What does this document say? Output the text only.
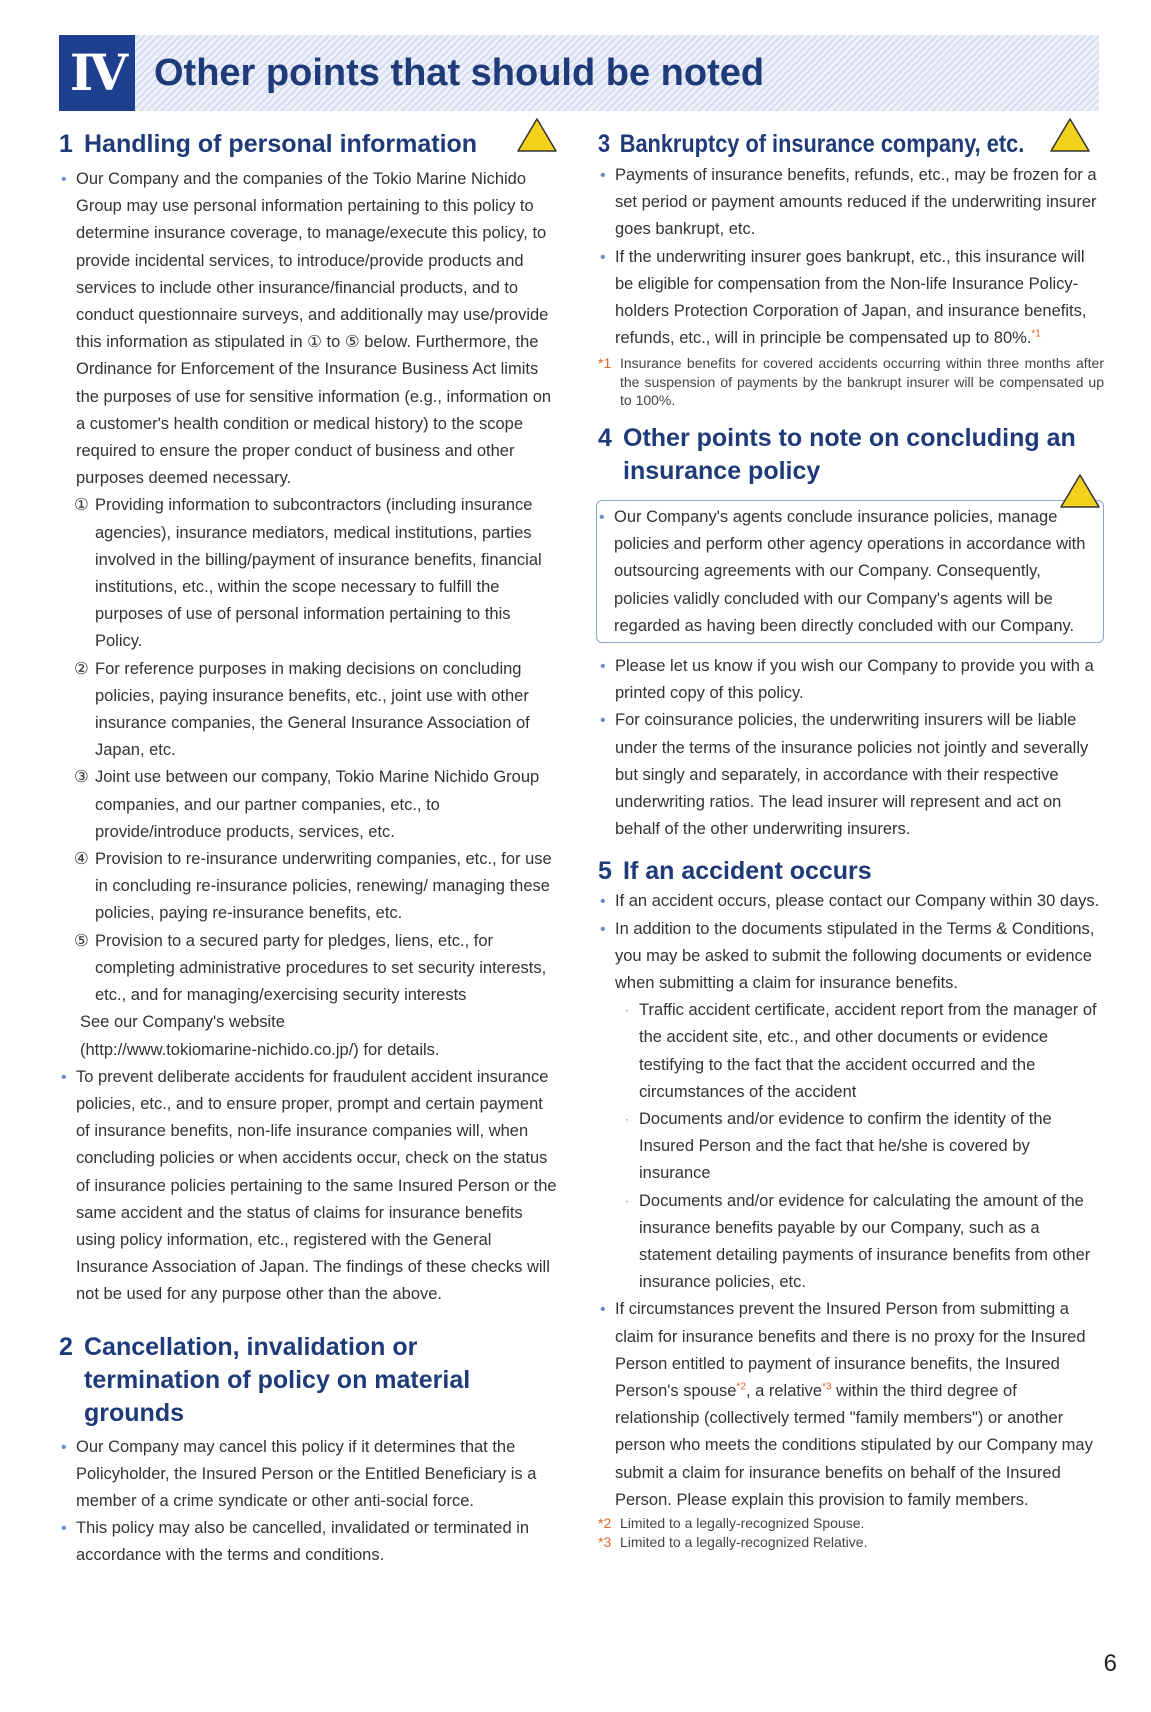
IV Other points that should be noted
1 Handling of personal information
• Our Company and the companies of the Tokio Marine Nichido Group may use personal information pertaining to this policy to determine insurance coverage, to manage/execute this policy, to provide incidental services, to introduce/provide products and services to include other insurance/financial products, and to conduct questionnaire surveys, and additionally may use/provide this information as stipulated in ① to ⑤ below. Furthermore, the Ordinance for Enforcement of the Insurance Business Act limits the purposes of use for sensitive information (e.g., information on a customer's health condition or medical history) to the scope required to ensure the proper conduct of business and other purposes deemed necessary.
① Providing information to subcontractors (including insurance agencies), insurance mediators, medical institutions, parties involved in the billing/payment of insurance benefits, financial institutions, etc., within the scope necessary to fulfill the purposes of use of personal information pertaining to this Policy.
② For reference purposes in making decisions on concluding policies, paying insurance benefits, etc., joint use with other insurance companies, the General Insurance Association of Japan, etc.
③ Joint use between our company, Tokio Marine Nichido Group companies, and our partner companies, etc., to provide/introduce products, services, etc.
④ Provision to re-insurance underwriting companies, etc., for use in concluding re-insurance policies, renewing/ managing these policies, paying re-insurance benefits, etc.
⑤ Provision to a secured party for pledges, liens, etc., for completing administrative procedures to set security interests, etc., and for managing/exercising security interests
See our Company's website
(http://www.tokiomarine-nichido.co.jp/) for details.
• To prevent deliberate accidents for fraudulent accident insurance policies, etc., and to ensure proper, prompt and certain payment of insurance benefits, non-life insurance companies will, when concluding policies or when accidents occur, check on the status of insurance policies pertaining to the same Insured Person or the same accident and the status of claims for insurance benefits using policy information, etc., registered with the General Insurance Association of Japan. The findings of these checks will not be used for any purpose other than the above.
2 Cancellation, invalidation or termination of policy on material grounds
• Our Company may cancel this policy if it determines that the Policyholder, the Insured Person or the Entitled Beneficiary is a member of a crime syndicate or other anti-social force.
• This policy may also be cancelled, invalidated or terminated in accordance with the terms and conditions.
3 Bankruptcy of insurance company, etc.
• Payments of insurance benefits, refunds, etc., may be frozen for a set period or payment amounts reduced if the underwriting insurer goes bankrupt, etc.
• If the underwriting insurer goes bankrupt, etc., this insurance will be eligible for compensation from the Non-life Insurance Policy-holders Protection Corporation of Japan, and insurance benefits, refunds, etc., will in principle be compensated up to 80%.$^{*1}$
*1 Insurance benefits for covered accidents occurring within three months after the suspension of payments by the bankrupt insurer will be compensated up to 100%.
4 Other points to note on concluding an insurance policy
• Our Company's agents conclude insurance policies, manage policies and perform other agency operations in accordance with outsourcing agreements with our Company. Consequently, policies validly concluded with our Company's agents will be regarded as having been directly concluded with our Company.
• Please let us know if you wish our Company to provide you with a printed copy of this policy.
• For coinsurance policies, the underwriting insurers will be liable under the terms of the insurance policies not jointly and severally but singly and separately, in accordance with their respective underwriting ratios. The lead insurer will represent and act on behalf of the other underwriting insurers.
5 If an accident occurs
• If an accident occurs, please contact our Company within 30 days.
• In addition to the documents stipulated in the Terms & Conditions, you may be asked to submit the following documents or evidence when submitting a claim for insurance benefits.
· Traffic accident certificate, accident report from the manager of the accident site, etc., and other documents or evidence testifying to the fact that the accident occurred and the circumstances of the accident
· Documents and/or evidence to confirm the identity of the Insured Person and the fact that he/she is covered by insurance
· Documents and/or evidence for calculating the amount of the insurance benefits payable by our Company, such as a statement detailing payments of insurance benefits from other insurance policies, etc.
• If circumstances prevent the Insured Person from submitting a claim for insurance benefits and there is no proxy for the Insured Person entitled to payment of insurance benefits, the Insured Person's spouse$^{*2}$, a relative$^{*3}$ within the third degree of relationship (collectively termed "family members") or another person who meets the conditions stipulated by our Company may submit a claim for insurance benefits on behalf of the Insured Person. Please explain this provision to family members.
*2 Limited to a legally-recognized Spouse.
*3 Limited to a legally-recognized Relative.
6
